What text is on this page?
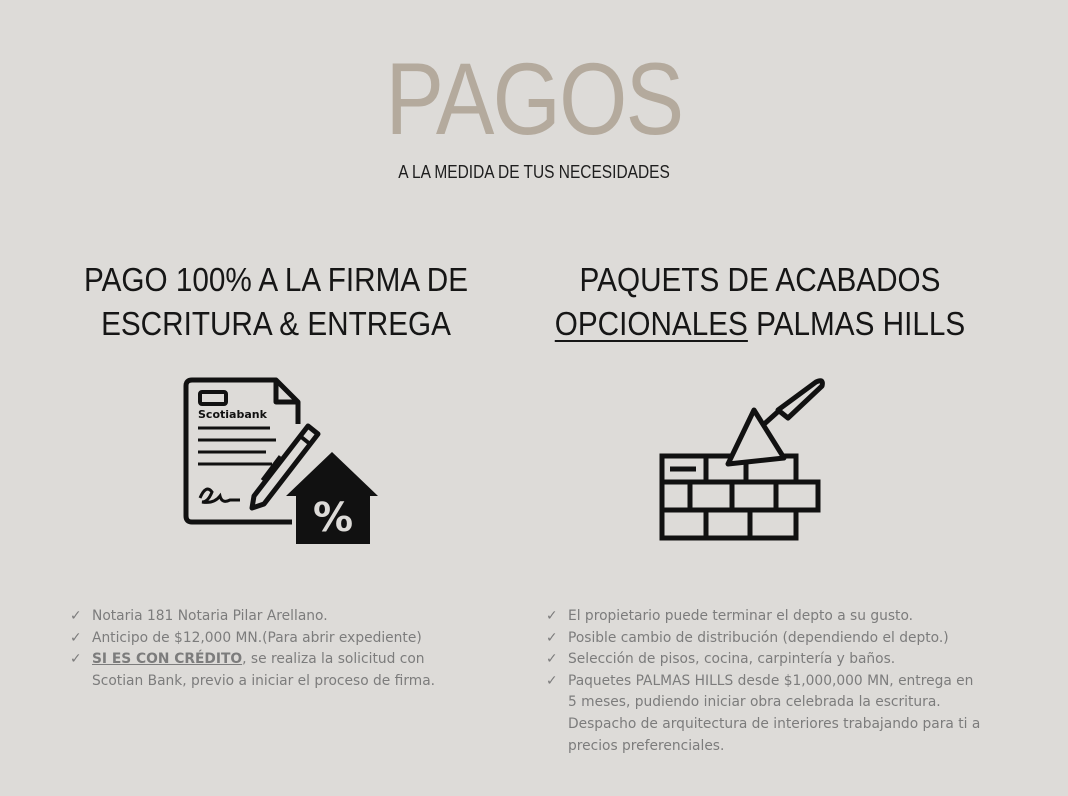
PAGOS
A LA MEDIDA DE TUS NECESIDADES
PAGO 100% A LA FIRMA DE
ESCRITURA & ENTREGA
PAQUETS DE ACABADOS
OPCIONALES PALMAS HILLS
Scotiabank
%
✓ Notaria 181 Notaria Pilar Arellano.
✓ Anticipo de $12,000 MN.(Para abrir expediente)
✓ SI ES CON CRÉDITO, se realiza la solicitud con Scotian Bank, previo a iniciar el proceso de firma.
✓ El propietario puede terminar el depto a su gusto.
✓ Posible cambio de distribución (dependiendo el depto.)
✓ Selección de pisos, cocina, carpintería y baños.
✓ Paquetes PALMAS HILLS desde $1,000,000 MN, entrega en 5 meses, pudiendo iniciar obra celebrada la escritura. Despacho de arquitectura de interiores trabajando para ti a precios preferenciales.
